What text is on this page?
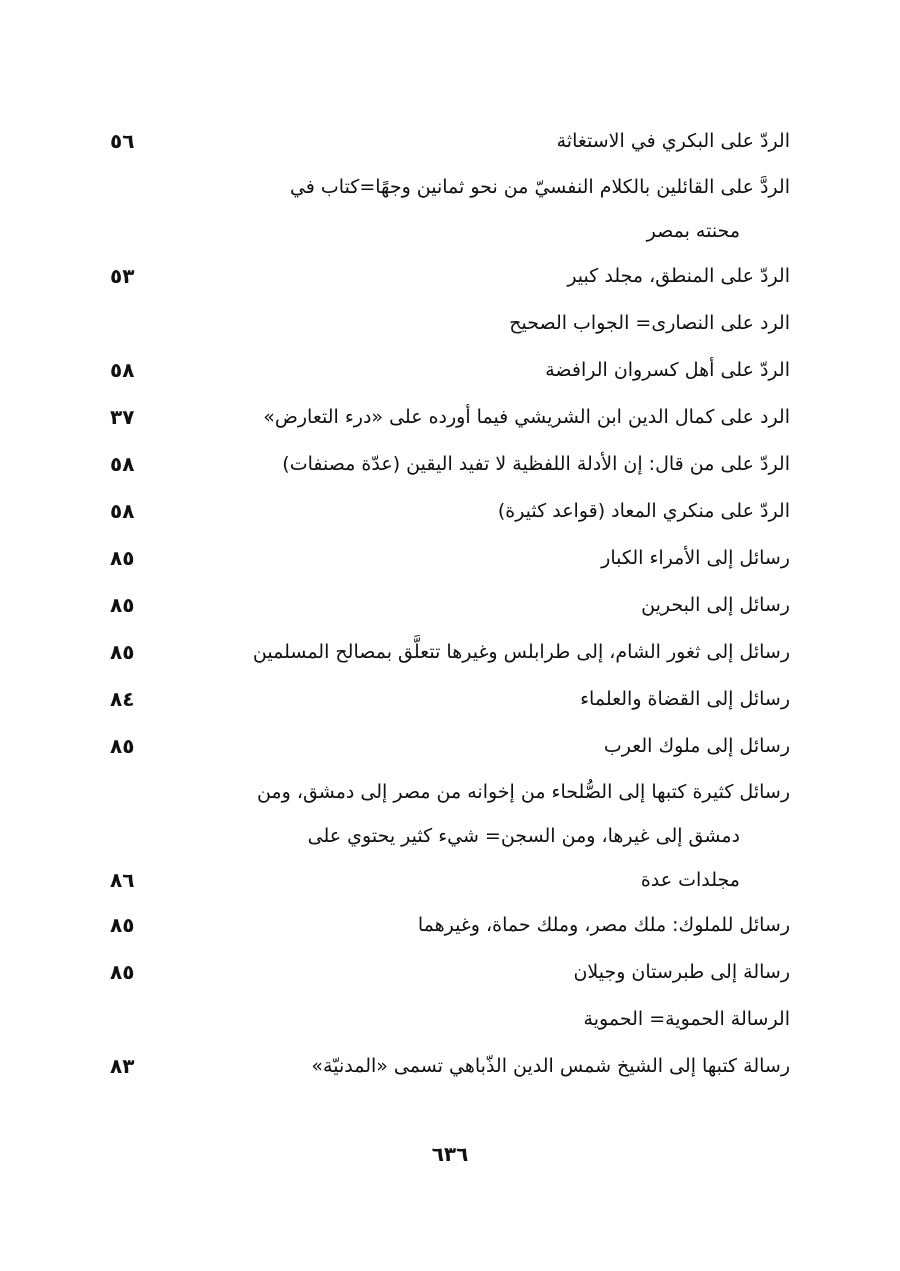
الردّ على البكري في الاستغاثة
٥٦
الردَّ على القائلين بالكلام النفسيّ من نحو ثمانين وجهًا=كتاب في
محنته بمصر
الردّ على المنطق، مجلد كبير
٥٣
الرد على النصارى= الجواب الصحيح
الردّ على أهل كسروان الرافضة
٥٨
الرد على كمال الدين ابن الشريشي فيما أورده على «درء التعارض»
٣٧
الردّ على من قال: إن الأدلة اللفظية لا تفيد اليقين (عدّة مصنفات)
٥٨
الردّ على منكري المعاد (قواعد كثيرة)
٥٨
رسائل إلى الأمراء الكبار
٨٥
رسائل إلى البحرين
٨٥
رسائل إلى ثغور الشام، إلى طرابلس وغيرها تتعلَّق بمصالح المسلمين
٨٥
رسائل إلى القضاة والعلماء
٨٤
رسائل إلى ملوك العرب
٨٥
رسائل كثيرة كتبها إلى الصُّلحاء من إخوانه من مصر إلى دمشق، ومن
دمشق إلى غيرها، ومن السجن= شيء كثير يحتوي على
مجلدات عدة
٨٦
رسائل للملوك: ملك مصر، وملك حماة، وغيرهما
٨٥
رسالة إلى طبرستان وجيلان
٨٥
الرسالة الحموية= الحموية
رسالة كتبها إلى الشيخ شمس الدين الذّباهي تسمى «المدنيّة»
٨٣
٦٣٦
